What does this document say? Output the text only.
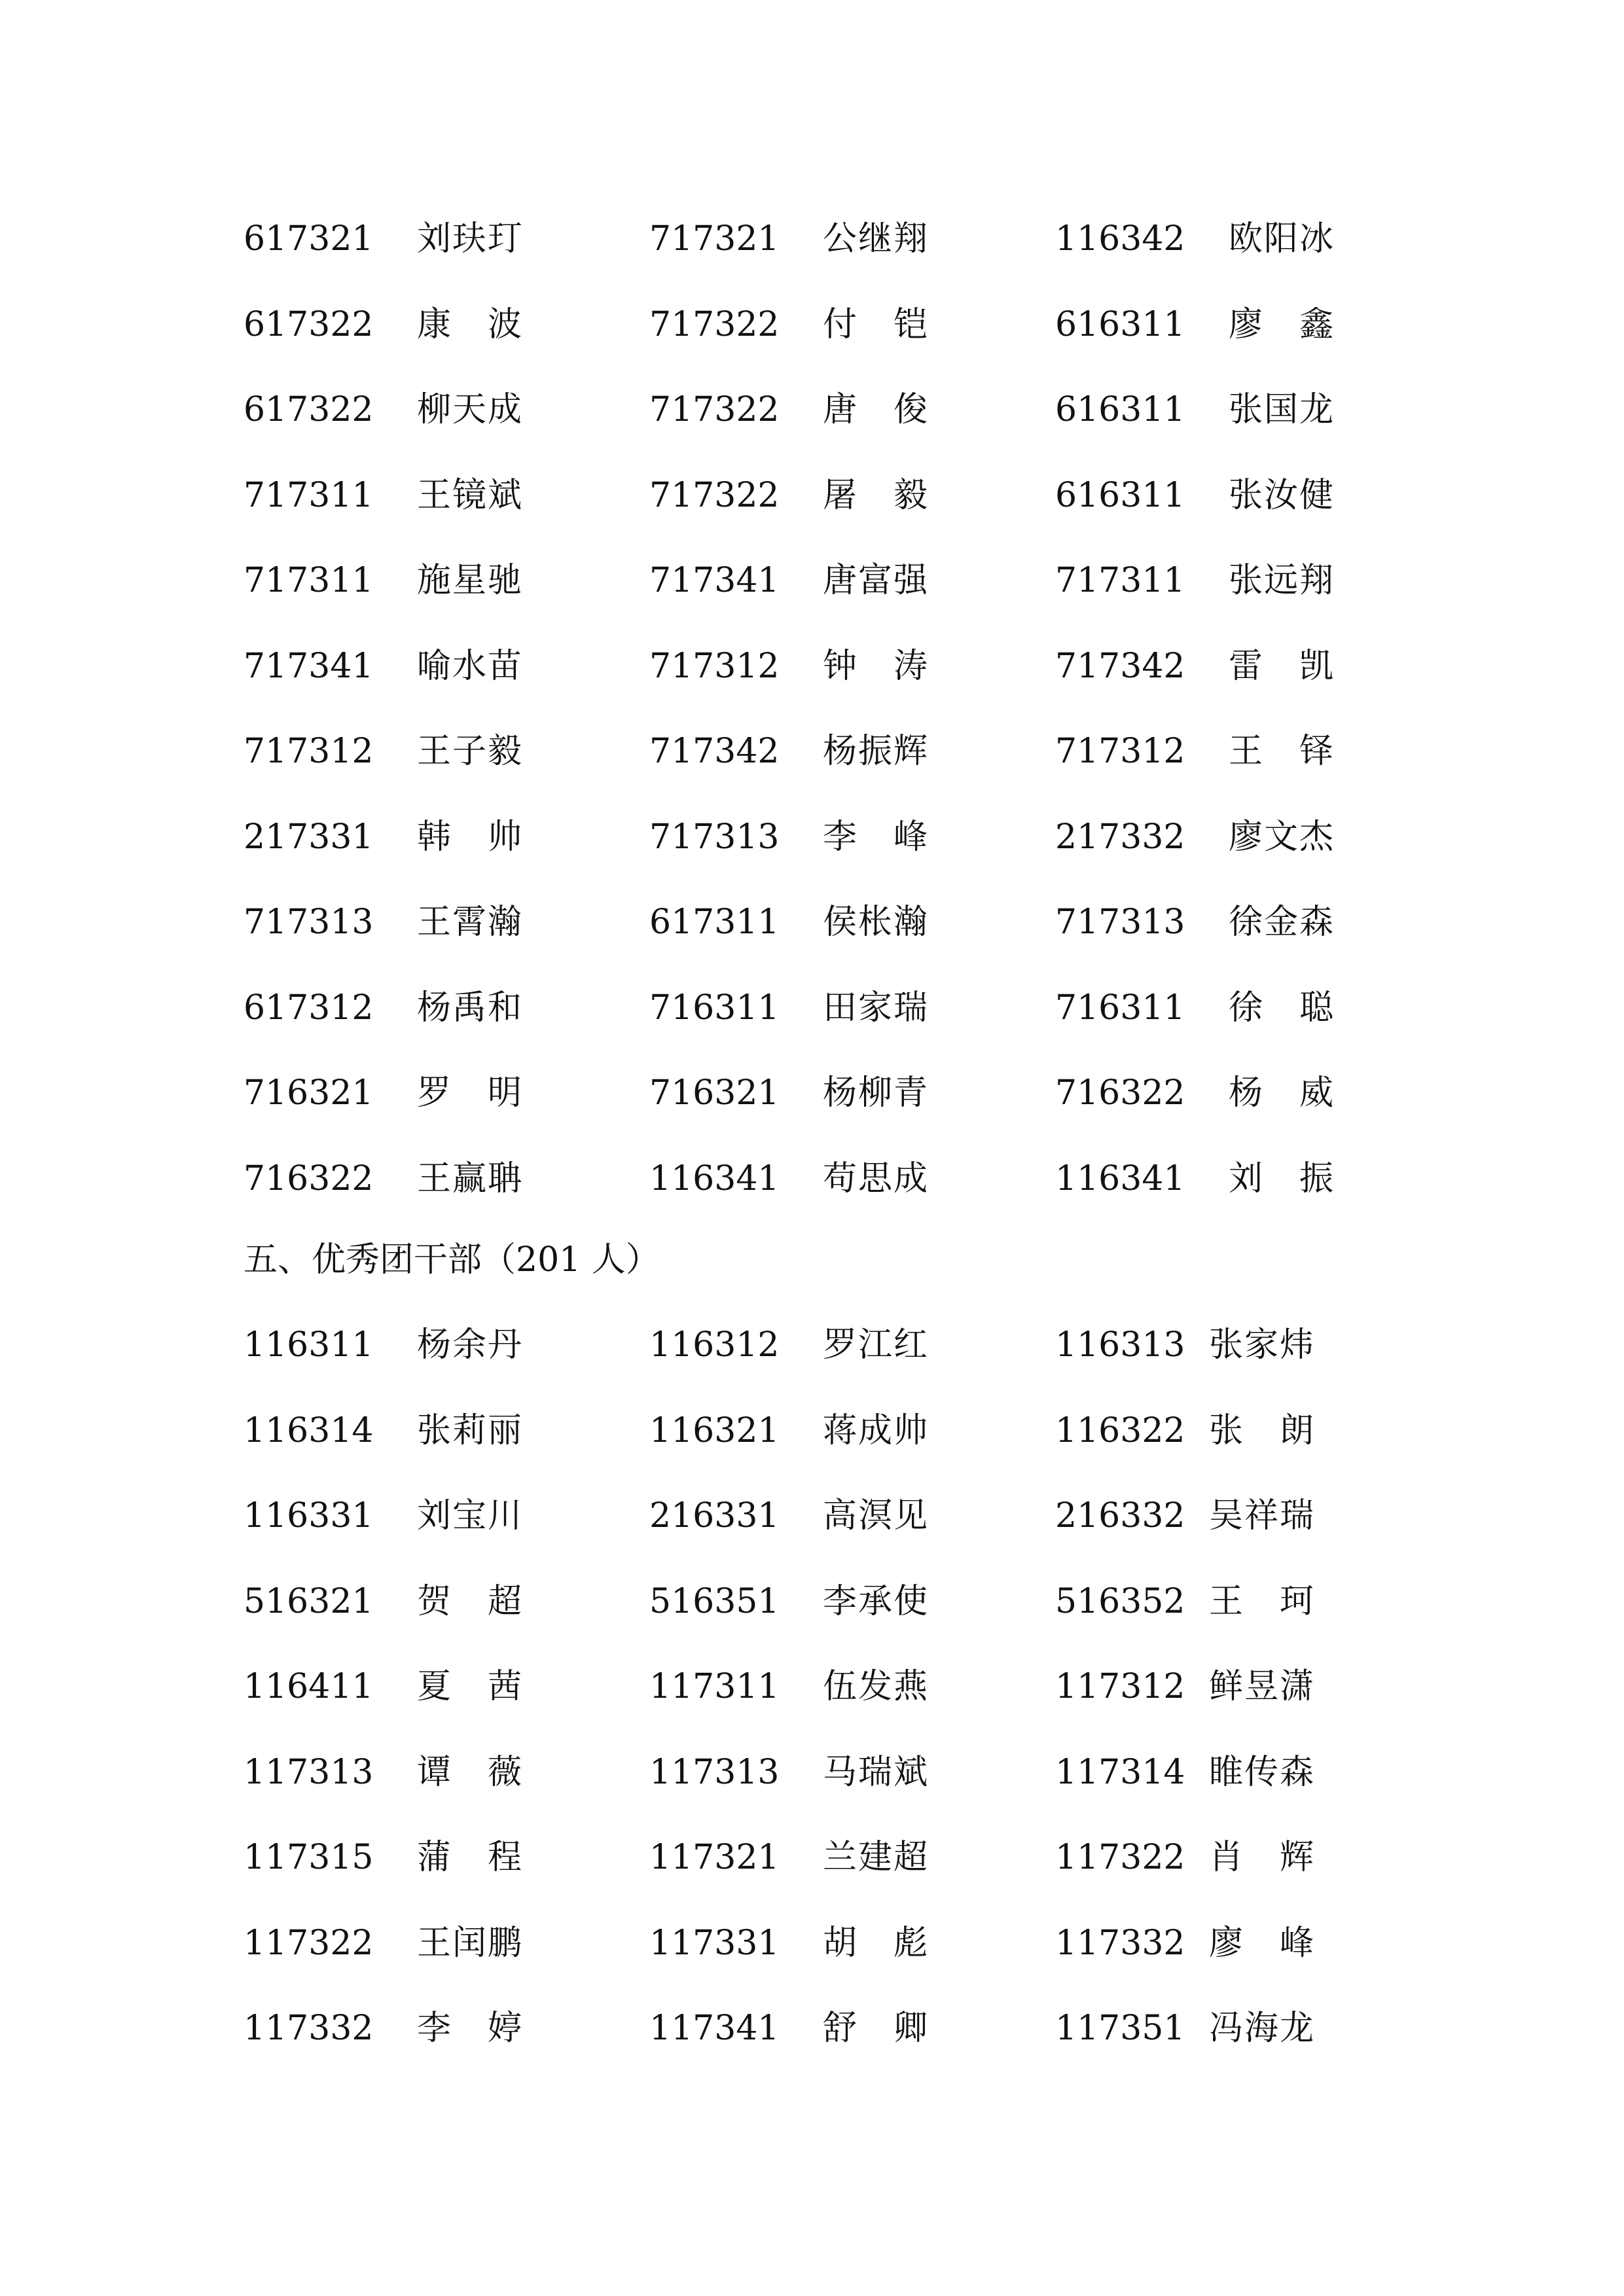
617321 刘玞玎	717321 公继翔	116342 欧阳冰
617322 康　波	717322 付　铠	616311 廖　鑫
617322 柳天成	717322 唐　俊	616311 张国龙
717311 王镜斌	717322 屠　毅	616311 张汝健
717311 施星驰	717341 唐富强	717311 张远翔
717341 喻水苗	717312 钟　涛	717342 雷　凯
717312 王子毅	717342 杨振辉	717312 王　铎
217331 韩　帅	717313 李　峰	217332 廖文杰
717313 王霄瀚	617311 侯枨瀚	717313 徐金森
617312 杨禹和	716311 田家瑞	716311 徐　聪
716321 罗　明	716321 杨柳青	716322 杨　威
716322 王赢聃	116341 苟思成	116341 刘　振
五、优秀团干部（201 人）
116311 杨余丹	116312 罗江红	116313 张家炜
116314 张莉丽	116321 蒋成帅	116322 张　朗
116331 刘宝川	216331 高溟见	216332 吴祥瑞
516321 贺　超	516351 李承使	516352 王　珂
116411 夏　茜	117311 伍发燕	117312 鲜昱潇
117313 谭　薇	117313 马瑞斌	117314 睢传森
117315 蒲　程	117321 兰建超	117322 肖　辉
117322 王闰鹏	117331 胡　彪	117332 廖　峰
117332 李　婷	117341 舒　卿	117351 冯海龙
